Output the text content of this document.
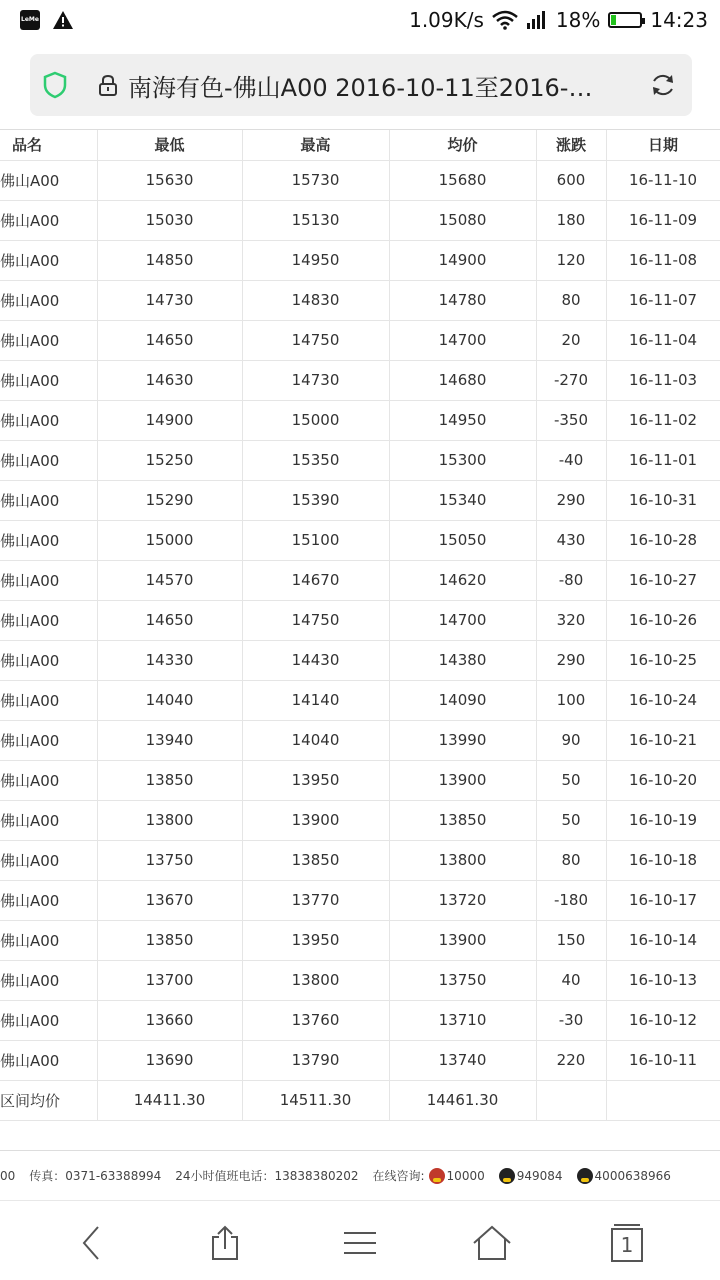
LeMe	1.09K/s	18%	14:23
南海有色-佛山A00 2016-10-11至2016-…
品名	最低	最高	均价	涨跌	日期
佛山A00	15630	15730	15680	600	16-11-10
佛山A00	15030	15130	15080	180	16-11-09
佛山A00	14850	14950	14900	120	16-11-08
佛山A00	14730	14830	14780	80	16-11-07
佛山A00	14650	14750	14700	20	16-11-04
佛山A00	14630	14730	14680	-270	16-11-03
佛山A00	14900	15000	14950	-350	16-11-02
佛山A00	15250	15350	15300	-40	16-11-01
佛山A00	15290	15390	15340	290	16-10-31
佛山A00	15000	15100	15050	430	16-10-28
佛山A00	14570	14670	14620	-80	16-10-27
佛山A00	14650	14750	14700	320	16-10-26
佛山A00	14330	14430	14380	290	16-10-25
佛山A00	14040	14140	14090	100	16-10-24
佛山A00	13940	14040	13990	90	16-10-21
佛山A00	13850	13950	13900	50	16-10-20
佛山A00	13800	13900	13850	50	16-10-19
佛山A00	13750	13850	13800	80	16-10-18
佛山A00	13670	13770	13720	-180	16-10-17
佛山A00	13850	13950	13900	150	16-10-14
佛山A00	13700	13800	13750	40	16-10-13
佛山A00	13660	13760	13710	-30	16-10-12
佛山A00	13690	13790	13740	220	16-10-11
区间均价	14411.30	14511.30	14461.30		
00 传真：0371-63388994 24小时值班电话：13838380202 在线咨询: 10000	949084	4000638966
1
